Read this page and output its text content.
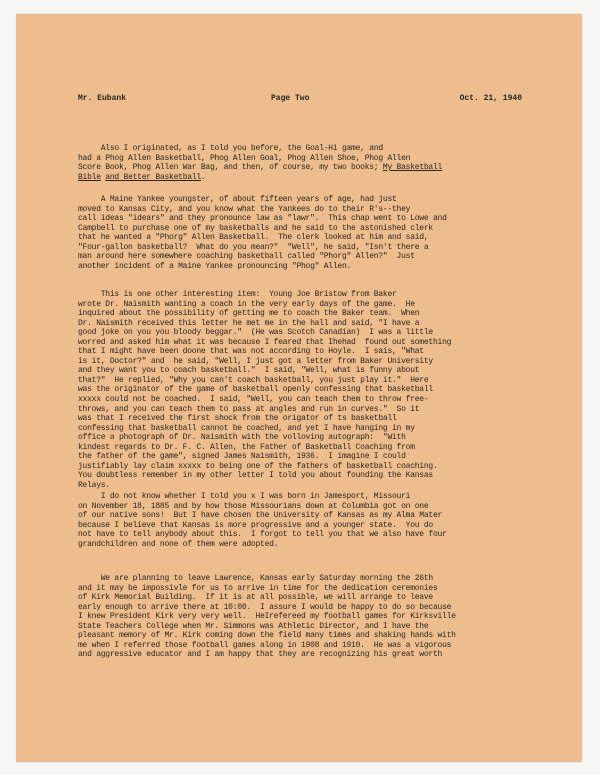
Mr. Eubank	Page Two	Oct. 21, 1940

Also I originated, as I told you before, the Goal-Hi game, and
had a Phog Allen Basketball, Phog Allen Goal, Phog Allen Shoe, Phog Allen
Score Book, Phog Allen War Bag, and then, of course, my two books; My Basketball
Bible and Better Basketball.

A Maine Yankee youngster, of about fifteen years of age, had just
moved to Kansas City, and you know what the Yankees do to their R's--they
call ideas "idears" and they pronounce law as "lawr".  This chap went to Lowe and
Campbell to purchase one of my basketballs and he said to the astonished clerk
that he wanted a "Phorg" Allen Basketball.  The clerk looked at him and said,
"Four-gallon basketball?  What do you mean?"  "Well", he said, "Isn't there a
man around here somewhere coaching basketball called "Phorg" Allen?"  Just
another incident of a Maine Yankee pronouncing "Phog" Allen.

This is one other interesting item:  Young Joe Bristow from Baker
wrote Dr. Naismith wanting a coach in the very early days of the game.  He
inquired about the possibility of getting me to coach the Baker team.  When
Dr. Naismith received this letter he met me in the hall and said, "I have a
good joke on you you bloody beggar."  (He was Scotch Canadian)  I was a little
worred and asked him what it was because I feared that Ihehad  found out something
that I might have been doone that was not according to Hoyle.  I sais, "What
is it, Doctor?" and  he said, "Well, I just got a letter from Baker University
and they want you to coach basketball."  I said, "Well, what is funny about
that?"  He replied, "Why you can't coach basketball, you just play it."  Here
was the originator of the game of basketball openly confessing that basketball
xxxxx could not be coached.  I said, "Well, you can teach them to throw free-
throws, and you can teach them to pass at angles and run in curves."  So it
was that I received the first shock from the origator of ts basketball
confessing that basketball cannot be coached, and yet I have hanging in my
office a photograph of Dr. Naismith with the volloving autograph:  "With
kindest regards to Dr. F. C. Allen, the Father of Basketball Coaching from
the father of the game", signed James Naismith, 1936.  I imagine I could
justifiably lay claim xxxxx to being one of the fathers of basketball coaching.
You doubtless remember in my other letter I told you about founding the Kansas
Relays.

I do not know whether I told you x I was born in Jamesport, Missouri
on November 18, 1885 and by how those Missourians down at Columbia got on one
of our native sons!  But I have chosen the University of Kansas as my Alma Mater
because I believe that Kansas is more progressive and a younger state.  You do
not have to tell anybody about this.  I forgot to tell you that we also have four
grandchildren and none of them were adopted.

We are planning to leave Lawrence, Kansas early Saturday morning the 26th
and it may be impossivle for us to arrive in time for the dedication ceremonies
of Kirk Memorial Building.  If it is at all possible, we will arrange to leave
early enough to arrive there at 10:00.  I assure I would be happy to do so because
I knew President Kirk very very well.  HeIrefereed my football games for Kirksville
State Teachers College when Mr. Simmons was Athletic Director, and I have the
pleasant memory of Mr. Kirk coming down the field many times and shaking hands with
me when I referred those football games along in 1908 and 1910.  He was a vigorous
and aggressive educator and I am happy that they are recognizing his great worth
